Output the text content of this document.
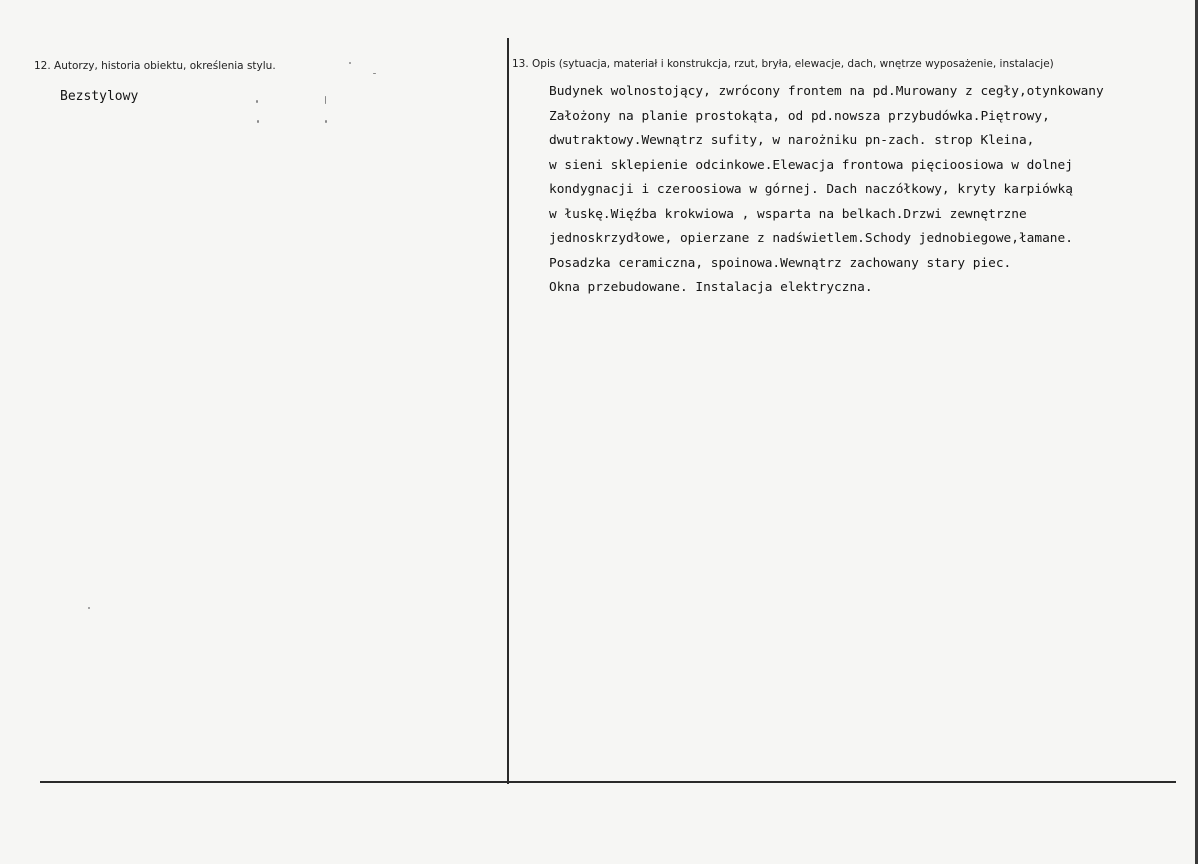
12. Autorzy, historia obiektu, określenia stylu.
Bezstylowy
13. Opis (sytuacja, materiał i konstrukcja, rzut, bryła, elewacje, dach, wnętrze wyposażenie, instalacje)
Budynek wolnostojący, zwrócony frontem na pd.Murowany z cegły,otynkowany
Założony na planie prostokąta, od pd.nowsza przybudówka.Piętrowy,
dwutraktowy.Wewnątrz sufity, w narożniku pn-zach. strop Kleina,
w sieni sklepienie odcinkowe.Elewacja frontowa pięcioosiowa w dolnej
kondygnacji i czeroosiowa w górnej. Dach naczółkowy, kryty karpiówką
w łuskę.Więźba krokwiowa , wsparta na belkach.Drzwi zewnętrzne
jednoskrzydłowe, opierzane z nadświetlem.Schody jednobiegowe,łamane.
Posadzka ceramiczna, spoinowa.Wewnątrz zachowany stary piec.
Okna przebudowane. Instalacja elektryczna.
